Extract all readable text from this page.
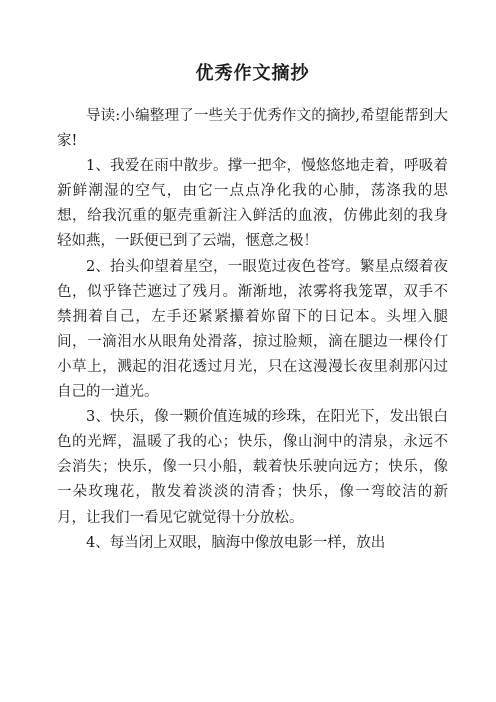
优秀作文摘抄

导读:小编整理了一些关于优秀作文的摘抄,希望能帮到大家!

1、我爱在雨中散步。撑一把伞，慢悠悠地走着，呼吸着新鲜潮湿的空气，由它一点点净化我的心肺，荡涤我的思想，给我沉重的躯壳重新注入鲜活的血液，仿佛此刻的我身轻如燕，一跃便已到了云端，惬意之极！

2、抬头仰望着星空，一眼览过夜色苍穹。繁星点缀着夜色，似乎锋芒遮过了残月。渐渐地，浓雾将我笼罩，双手不禁拥着自己，左手还紧紧攥着妳留下的日记本。头埋入腿间，一滴泪水从眼角处滑落，掠过脸颊，滴在腿边一棵伶仃小草上，溅起的泪花透过月光，只在这漫漫长夜里刹那闪过自己的一道光。

3、快乐，像一颗价值连城的珍珠，在阳光下，发出银白色的光辉，温暖了我的心；快乐，像山涧中的清泉，永远不会消失；快乐，像一只小船，载着快乐驶向远方；快乐，像一朵玫瑰花，散发着淡淡的清香；快乐，像一弯皎洁的新月，让我们一看见它就觉得十分放松。

4、每当闭上双眼，脑海中像放电影一样，放出
